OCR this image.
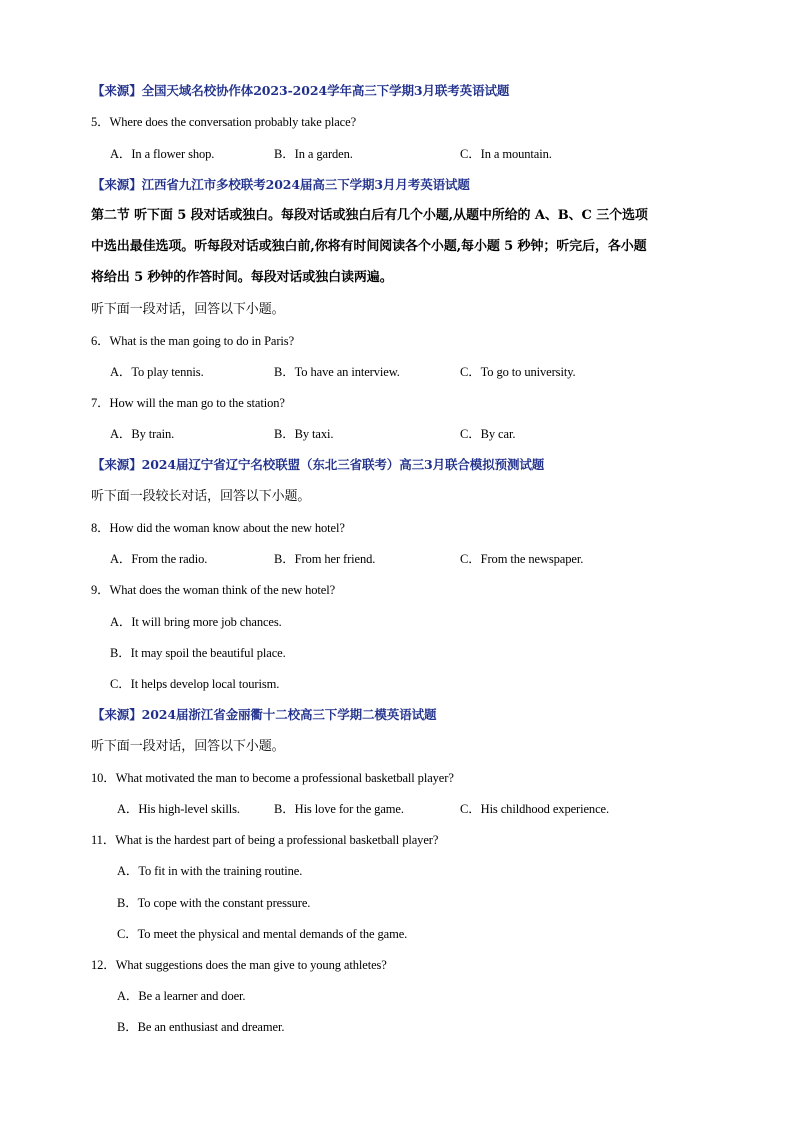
【来源】全国天域名校协作体2023-2024学年高三下学期3月联考英语试题
5．Where does the conversation probably take place?
A．In a flower shop.	B．In a garden.	C．In a mountain.
【来源】江西省九江市多校联考2024届高三下学期3月月考英语试题
第二节 听下面 5 段对话或独白。每段对话或独白后有几个小题,从题中所给的 A、B、C 三个选项
中选出最佳选项。听每段对话或独白前,你将有时间阅读各个小题,每小题 5 秒钟；听完后，各小题
将给出 5 秒钟的作答时间。每段对话或独白读两遍。
听下面一段对话，回答以下小题。
6．What is the man going to do in Paris?
A．To play tennis.	B．To have an interview.	C．To go to university.
7．How will the man go to the station?
A．By train.	B．By taxi.	C．By car.
【来源】2024届辽宁省辽宁名校联盟（东北三省联考）高三3月联合模拟预测试题
听下面一段较长对话，回答以下小题。
8．How did the woman know about the new hotel?
A．From the radio.	B．From her friend.	C．From the newspaper.
9．What does the woman think of the new hotel?
A．It will bring more job chances.
B．It may spoil the beautiful place.
C．It helps develop local tourism.
【来源】2024届浙江省金丽衢十二校高三下学期二模英语试题
听下面一段对话，回答以下小题。
10．What motivated the man to become a professional basketball player?
A．His high-level skills.	B．His love for the game.	C．His childhood experience.
11．What is the hardest part of being a professional basketball player?
A．To fit in with the training routine.
B．To cope with the constant pressure.
C．To meet the physical and mental demands of the game.
12．What suggestions does the man give to young athletes?
A．Be a learner and doer.
B．Be an enthusiast and dreamer.
